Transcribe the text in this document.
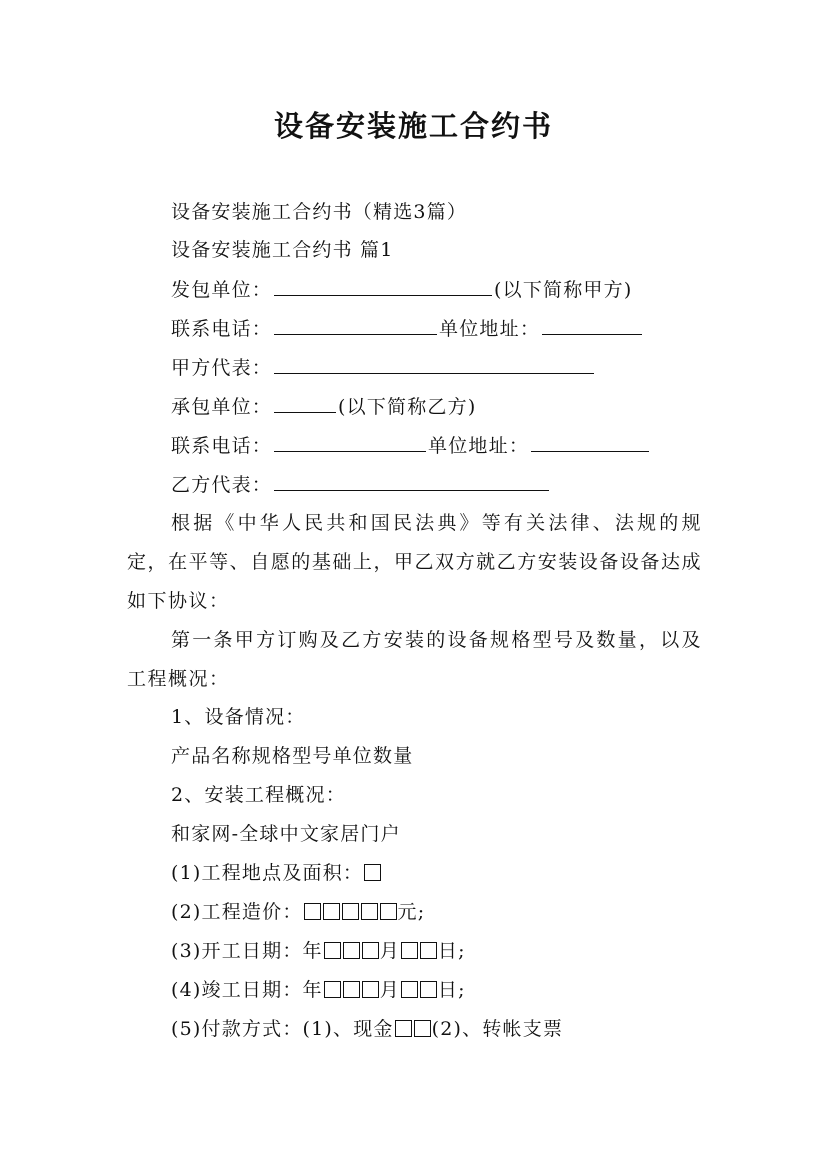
设备安装施工合约书
设备安装施工合约书（精选3篇）
设备安装施工合约书 篇1
发包单位：	(以下简称甲方)
联系电话：	单位地址：
甲方代表：
承包单位：	(以下简称乙方)
联系电话：	单位地址：
乙方代表：

根据《中华人民共和国民法典》等有关法律、法规的规定，在平等、自愿的基础上，甲乙双方就乙方安装设备设备达成如下协议：

第一条甲方订购及乙方安装的设备规格型号及数量，以及工程概况：

1、设备情况：
产品名称规格型号单位数量
2、安装工程概况：
和家网-全球中文家居门户
(1)工程地点及面积：
(2)工程造价：	元;
(3)开工日期：年	月 日;
(4)竣工日期：年	月 日;
(5)付款方式：(1)、现金 (2)、转帐支票
